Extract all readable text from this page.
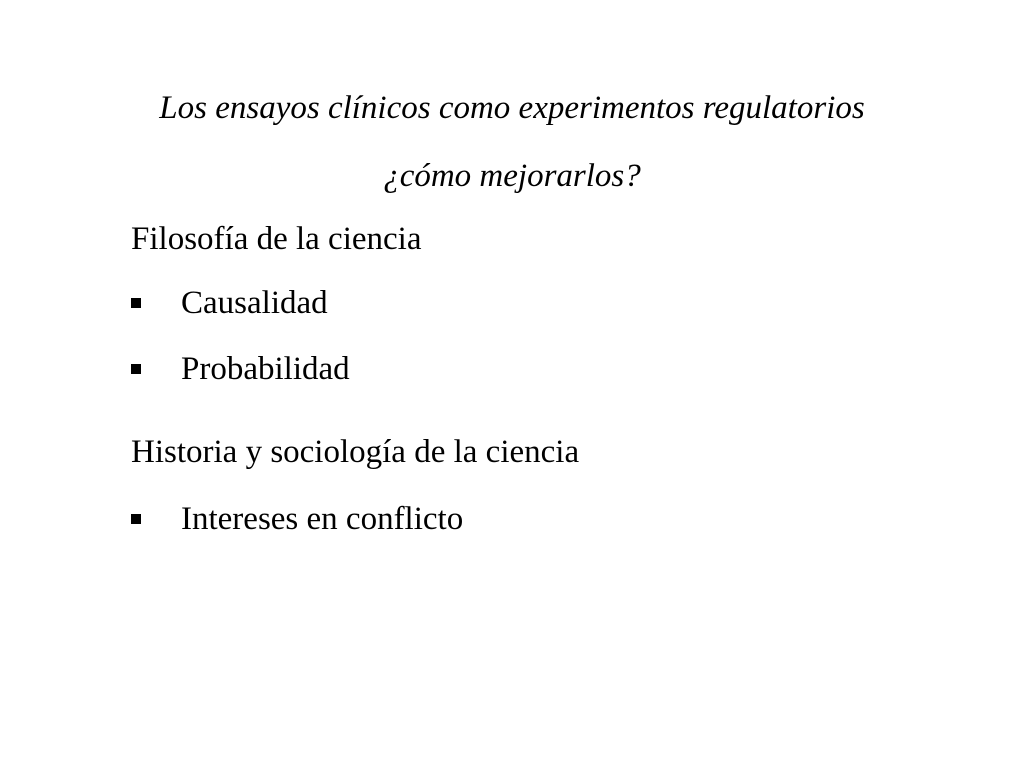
Los ensayos clínicos como experimentos regulatorios
¿cómo mejorarlos?
Filosofía de la ciencia
Causalidad
Probabilidad
Historia y sociología de la ciencia
Intereses en conflicto
